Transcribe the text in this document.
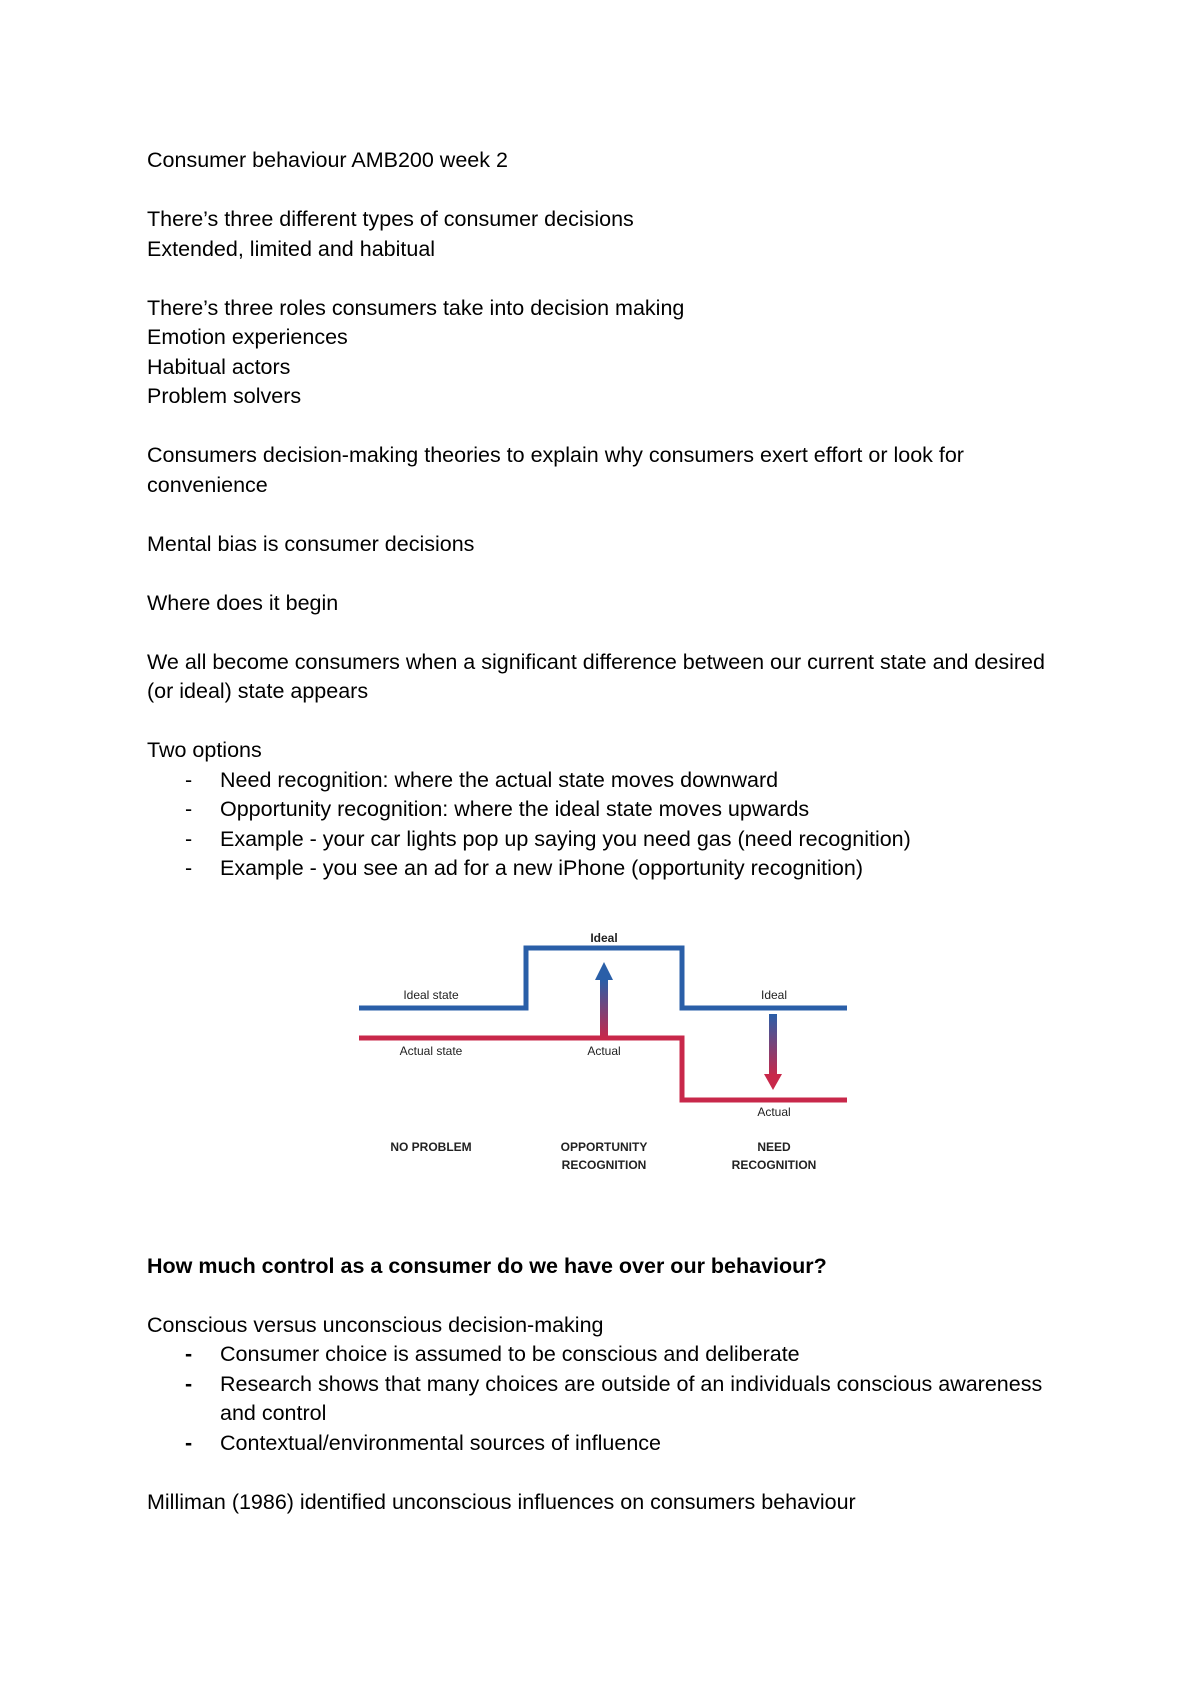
Consumer behaviour AMB200 week 2

There’s three different types of consumer decisions

Extended, limited and habitual

There’s three roles consumers take into decision making

Emotion experiences

Habitual actors

Problem solvers

Consumers decision-making theories to explain why consumers exert effort or look for convenience

Mental bias is consumer decisions

Where does it begin

We all become consumers when a significant difference between our current state and desired (or ideal) state appears

Two options

- Need recognition: where the actual state moves downward
- Opportunity recognition: where the ideal state moves upwards
- Example - your car lights pop up saying you need gas (need recognition)
- Example - you see an ad for a new iPhone (opportunity recognition)
Ideal
Ideal state	Ideal
Actual state	Actual
Actual
NO PROBLEM	OPPORTUNITY
RECOGNITION
NEED
RECOGNITION

How much control as a consumer do we have over our behaviour?

Conscious versus unconscious decision-making

- Consumer choice is assumed to be conscious and deliberate
- Research shows that many choices are outside of an individuals conscious awareness and control
- Contextual/environmental sources of influence

Milliman (1986) identified unconscious influences on consumers behaviour
